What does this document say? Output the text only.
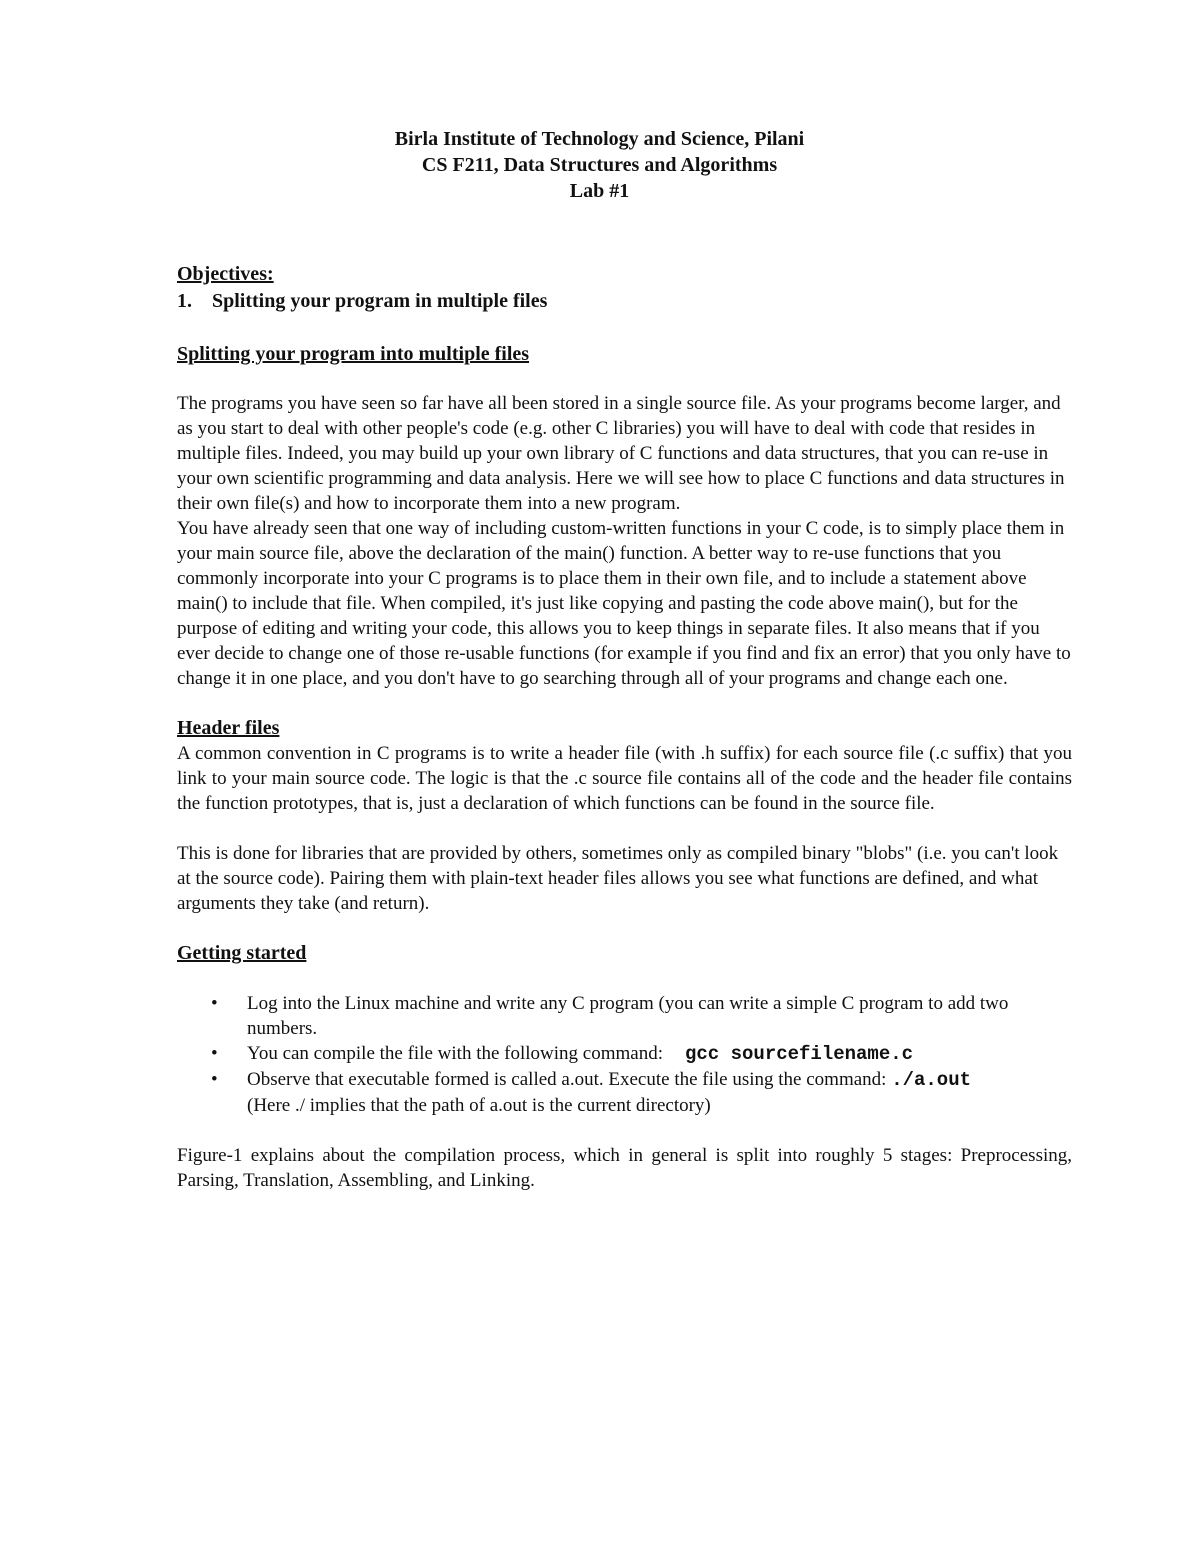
Birla Institute of Technology and Science, Pilani
CS F211, Data Structures and Algorithms
Lab #1
Objectives:
1.	Splitting your program in multiple files
Splitting your program into multiple files

The programs you have seen so far have all been stored in a single source file. As your programs become larger, and as you start to deal with other people's code (e.g. other C libraries) you will have to deal with code that resides in multiple files. Indeed, you may build up your own library of C functions and data structures, that you can re-use in your own scientific programming and data analysis. Here we will see how to place C functions and data structures in their own file(s) and how to incorporate them into a new program.

You have already seen that one way of including custom-written functions in your C code, is to simply place them in your main source file, above the declaration of the main() function. A better way to re-use functions that you commonly incorporate into your C programs is to place them in their own file, and to include a statement above main() to include that file. When compiled, it's just like copying and pasting the code above main(), but for the purpose of editing and writing your code, this allows you to keep things in separate files. It also means that if you ever decide to change one of those re-usable functions (for example if you find and fix an error) that you only have to change it in one place, and you don't have to go searching through all of your programs and change each one.

Header files

A common convention in C programs is to write a header file (with .h suffix) for each source file (.c suffix) that you link to your main source code. The logic is that the .c source file contains all of the code and the header file contains the function prototypes, that is, just a declaration of which functions can be found in the source file.

This is done for libraries that are provided by others, sometimes only as compiled binary "blobs" (i.e. you can't look at the source code). Pairing them with plain-text header files allows you see what functions are defined, and what arguments they take (and return).

Getting started
• Log into the Linux machine and write any C program (you can write a simple C program to add two numbers.
• You can compile the file with the following command: gcc sourcefilename.c
• Observe that executable formed is called a.out. Execute the file using the command: ./a.out
(Here ./ implies that the path of a.out is the current directory)

Figure-1 explains about the compilation process, which in general is split into roughly 5 stages: Preprocessing, Parsing, Translation, Assembling, and Linking.
